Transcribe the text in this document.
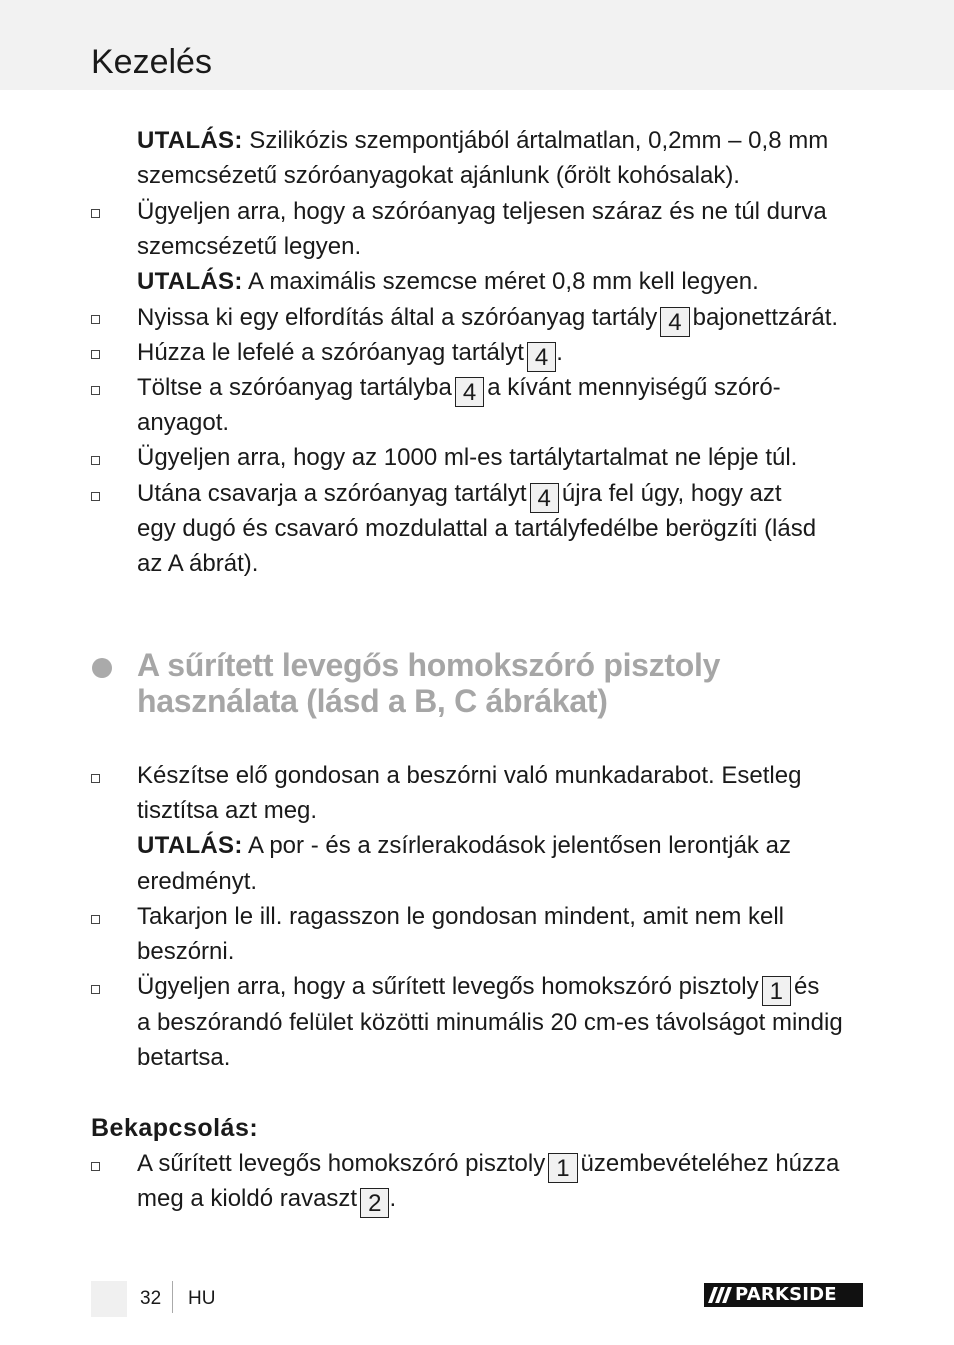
Kezelés
UTALÁS: Szilikózis szempontjából ártalmatlan, 0,2mm – 0,8 mm
szemcsézetű szóróanyagokat ajánlunk (őrölt kohósalak).
Ügyeljen arra, hogy a szóróanyag teljesen száraz és ne túl durva
szemcsézetű legyen.
UTALÁS: A maximális szemcse méret 0,8 mm kell legyen.
Nyissa ki egy elfordítás által a szóróanyag tartály 4 bajonettzárát.
Húzza le lefelé a szóróanyag tartályt 4 .
Töltse a szóróanyag tartályba 4 a kívánt mennyiségű szóró-
anyagot.
Ügyeljen arra, hogy az 1000 ml-es tartálytartalmat ne lépje túl.
Utána csavarja a szóróanyag tartályt 4 újra fel úgy, hogy azt
egy dugó és csavaró mozdulattal a tartályfedélbe berögzíti (lásd
az A ábrát).
A sűrített levegős homokszóró pisztoly
használata (lásd a B, C ábrákat)
Készítse elő gondosan a beszórni való munkadarabot. Esetleg
tisztítsa azt meg.
UTALÁS: A por - és a zsírlerakodások jelentősen lerontják az
eredményt.
Takarjon le ill. ragasszon le gondosan mindent, amit nem kell
beszórni.
Ügyeljen arra, hogy a sűrített levegős homokszóró pisztoly 1 és
a beszórandó felület közötti minumális 20 cm-es távolságot mindig
betartsa.
Bekapcsolás:
A sűrített levegős homokszóró pisztoly 1 üzembevételéhez húzza
meg a kioldó ravaszt 2 .
32 HU	PARKSIDE
